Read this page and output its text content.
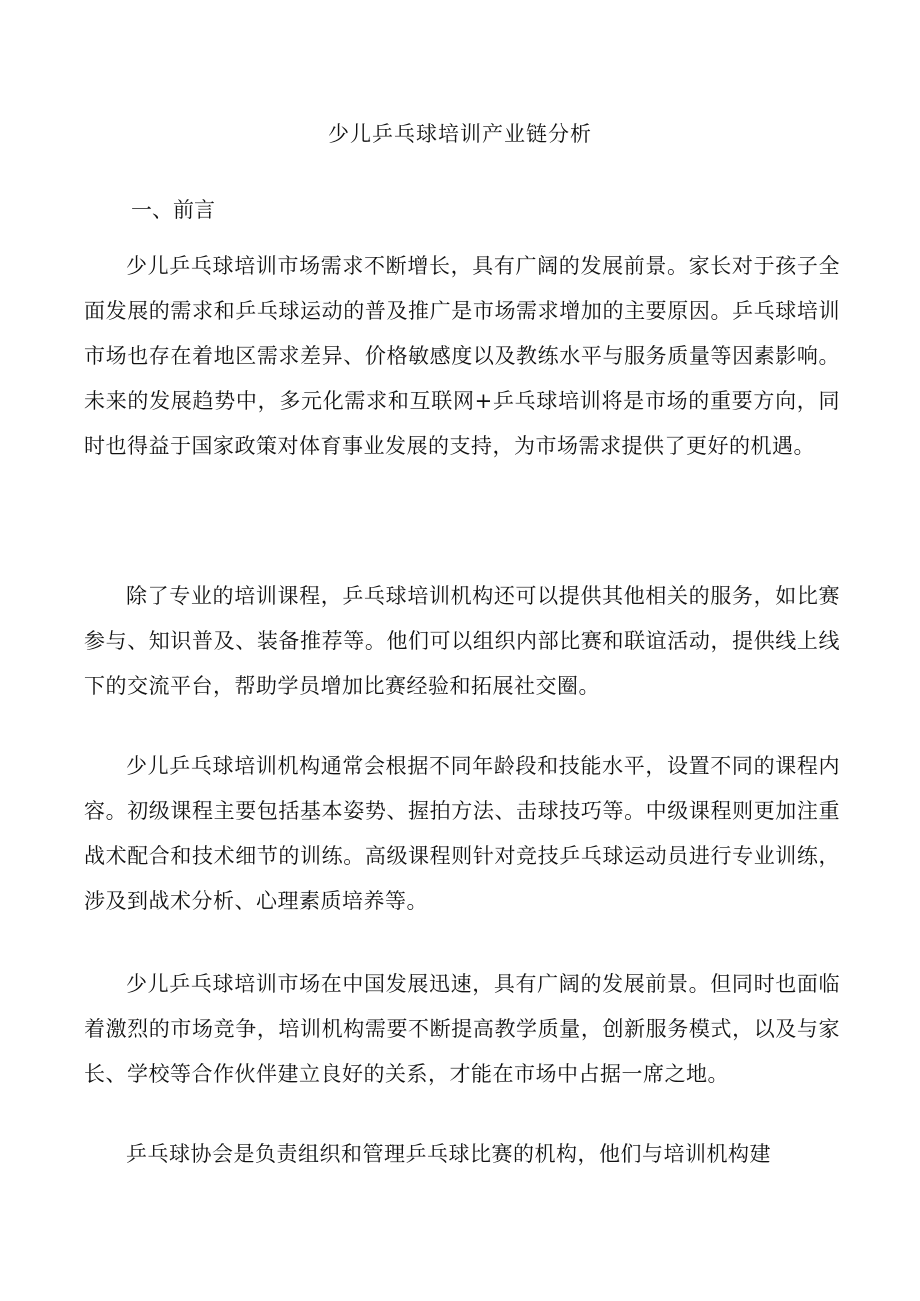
少儿乒乓球培训产业链分析
一、前言

少儿乒乓球培训市场需求不断增长，具有广阔的发展前景。家长对于孩子全面发展的需求和乒乓球运动的普及推广是市场需求增加的主要原因。乒乓球培训市场也存在着地区需求差异、价格敏感度以及教练水平与服务质量等因素影响。未来的发展趋势中，多元化需求和互联网+乒乓球培训将是市场的重要方向，同时也得益于国家政策对体育事业发展的支持，为市场需求提供了更好的机遇。

除了专业的培训课程，乒乓球培训机构还可以提供其他相关的服务，如比赛参与、知识普及、装备推荐等。他们可以组织内部比赛和联谊活动，提供线上线下的交流平台，帮助学员增加比赛经验和拓展社交圈。

少儿乒乓球培训机构通常会根据不同年龄段和技能水平，设置不同的课程内容。初级课程主要包括基本姿势、握拍方法、击球技巧等。中级课程则更加注重战术配合和技术细节的训练。高级课程则针对竞技乒乓球运动员进行专业训练，涉及到战术分析、心理素质培养等。

少儿乒乓球培训市场在中国发展迅速，具有广阔的发展前景。但同时也面临着激烈的市场竞争，培训机构需要不断提高教学质量，创新服务模式，以及与家长、学校等合作伙伴建立良好的关系，才能在市场中占据一席之地。

乒乓球协会是负责组织和管理乒乓球比赛的机构，他们与培训机构建
